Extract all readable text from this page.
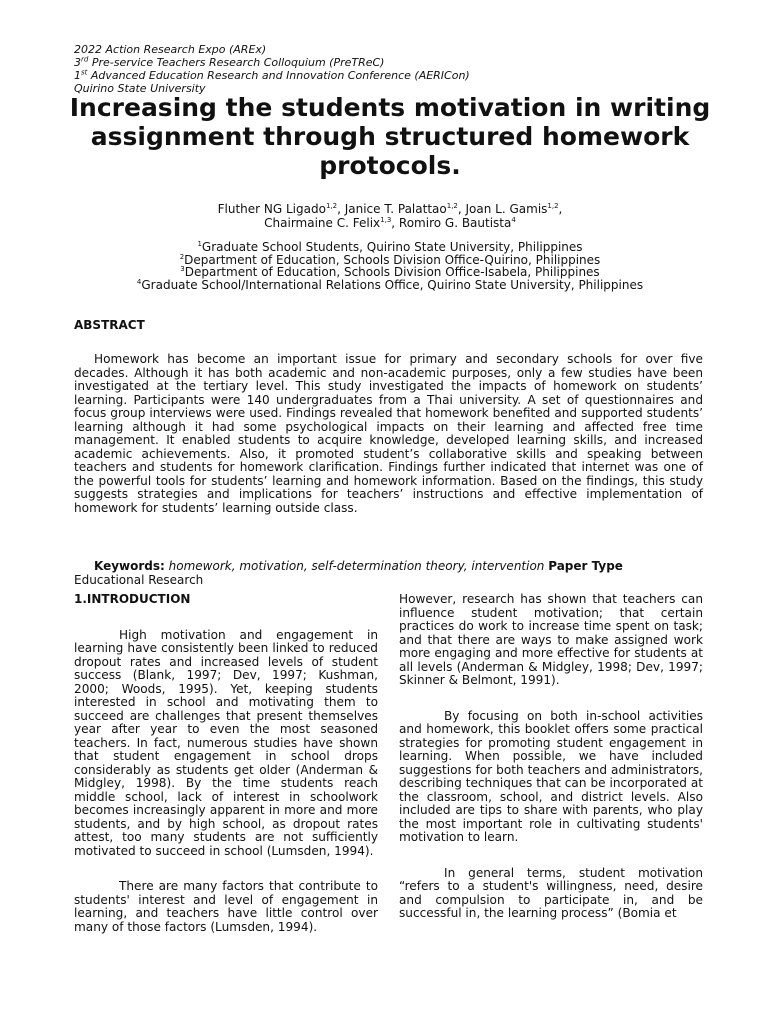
2022 Action Research Expo (AREx)
3rd Pre-service Teachers Research Colloquium (PreTReC)
1st Advanced Education Research and Innovation Conference (AERICon)
Quirino State University
Increasing the students motivation in writing assignment through structured homework protocols.
Fluther NG Ligado$^{1,2}$, Janice T. Palattao$^{1,2}$, Joan L. Gamis$^{1,2}$,
Chairmaine C. Felix$^{1,3}$, Romiro G. Bautista$^4$
$^1$Graduate School Students, Quirino State University, Philippines
$^2$Department of Education, Schools Division Office-Quirino, Philippines
$^3$Department of Education, Schools Division Office-Isabela, Philippines
$^4$Graduate School/International Relations Office, Quirino State University, Philippines
ABSTRACT

Homework has become an important issue for primary and secondary schools for over five decades. Although it has both academic and non-academic purposes, only a few studies have been investigated at the tertiary level. This study investigated the impacts of homework on students’ learning. Participants were 140 undergraduates from a Thai university. A set of questionnaires and focus group interviews were used. Findings revealed that homework benefited and supported students’ learning although it had some psychological impacts on their learning and affected free time management. It enabled students to acquire knowledge, developed learning skills, and increased academic achievements. Also, it promoted student’s collaborative skills and speaking between teachers and students for homework clarification. Findings further indicated that internet was one of the powerful tools for students’ learning and homework information. Based on the findings, this study suggests strategies and implications for teachers’ instructions and effective implementation of homework for students’ learning outside class.

Keywords: homework, motivation, self-determination theory, intervention Paper Type
Educational Research

1.INTRODUCTION

High motivation and engagement in learning have consistently been linked to reduced dropout rates and increased levels of student success (Blank, 1997; Dev, 1997; Kushman, 2000; Woods, 1995). Yet, keeping students interested in school and motivating them to succeed are challenges that present themselves year after year to even the most seasoned teachers. In fact, numerous studies have shown that student engagement in school drops considerably as students get older (Anderman & Midgley, 1998). By the time students reach middle school, lack of interest in schoolwork becomes increasingly apparent in more and more students, and by high school, as dropout rates attest, too many students are not sufficiently motivated to succeed in school (Lumsden, 1994).

There are many factors that contribute to students' interest and level of engagement in learning, and teachers have little control over many of those factors (Lumsden, 1994).

However, research has shown that teachers can influence student motivation; that certain practices do work to increase time spent on task; and that there are ways to make assigned work more engaging and more effective for students at all levels (Anderman & Midgley, 1998; Dev, 1997; Skinner & Belmont, 1991).

By focusing on both in-school activities and homework, this booklet offers some practical strategies for promoting student engagement in learning. When possible, we have included suggestions for both teachers and administrators, describing techniques that can be incorporated at the classroom, school, and district levels. Also included are tips to share with parents, who play the most important role in cultivating students' motivation to learn.

In general terms, student motivation “refers to a student's willingness, need, desire and compulsion to participate in, and be successful in, the learning process” (Bomia et
